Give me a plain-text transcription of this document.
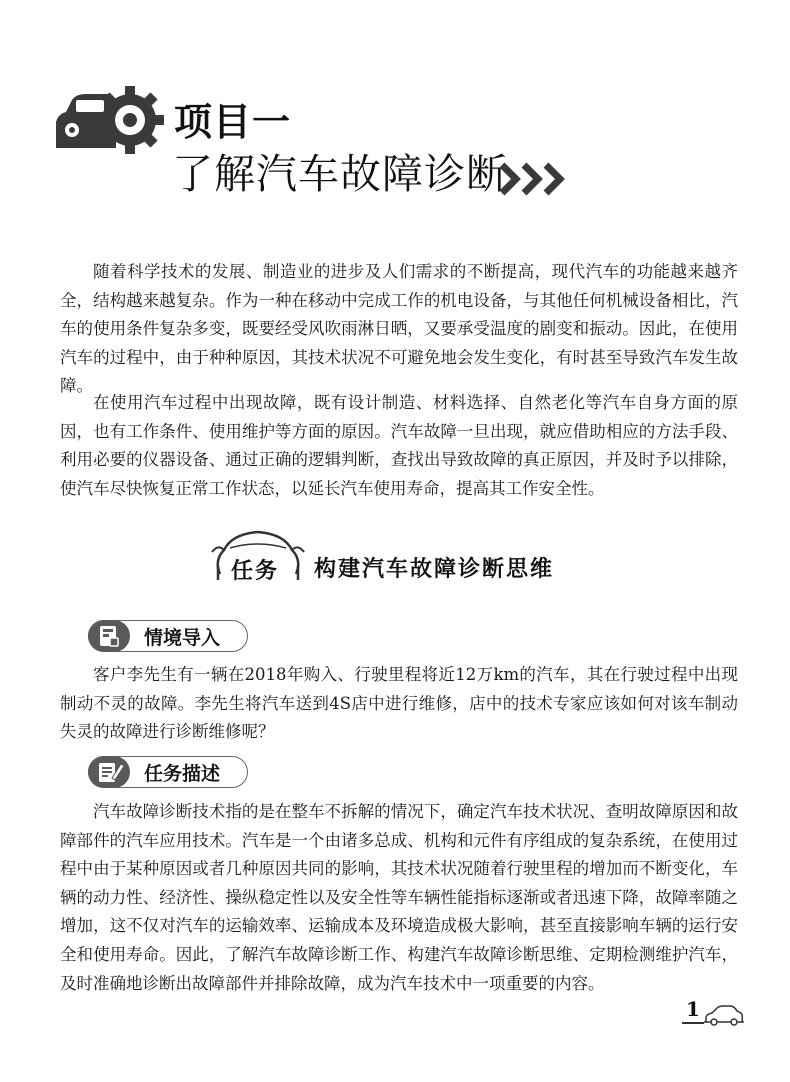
项目一
了解汽车故障诊断

随着科学技术的发展、制造业的进步及人们需求的不断提高，现代汽车的功能越来越齐全，结构越来越复杂。作为一种在移动中完成工作的机电设备，与其他任何机械设备相比，汽车的使用条件复杂多变，既要经受风吹雨淋日晒，又要承受温度的剧变和振动。因此，在使用汽车的过程中，由于种种原因，其技术状况不可避免地会发生变化，有时甚至导致汽车发生故障。

在使用汽车过程中出现故障，既有设计制造、材料选择、自然老化等汽车自身方面的原因，也有工作条件、使用维护等方面的原因。汽车故障一旦出现，就应借助相应的方法手段、利用必要的仪器设备、通过正确的逻辑判断，查找出导致故障的真正原因，并及时予以排除，使汽车尽快恢复正常工作状态，以延长汽车使用寿命，提高其工作安全性。

任务 构建汽车故障诊断思维
情境导入

客户李先生有一辆在2018年购入、行驶里程将近12万km的汽车，其在行驶过程中出现制动不灵的故障。李先生将汽车送到4S店中进行维修，店中的技术专家应该如何对该车制动失灵的故障进行诊断维修呢？

任务描述

汽车故障诊断技术指的是在整车不拆解的情况下，确定汽车技术状况、查明故障原因和故障部件的汽车应用技术。汽车是一个由诸多总成、机构和元件有序组成的复杂系统，在使用过程中由于某种原因或者几种原因共同的影响，其技术状况随着行驶里程的增加而不断变化，车辆的动力性、经济性、操纵稳定性以及安全性等车辆性能指标逐渐或者迅速下降，故障率随之增加，这不仅对汽车的运输效率、运输成本及环境造成极大影响，甚至直接影响车辆的运行安全和使用寿命。因此，了解汽车故障诊断工作、构建汽车故障诊断思维、定期检测维护汽车，及时准确地诊断出故障部件并排除故障，成为汽车技术中一项重要的内容。

1
